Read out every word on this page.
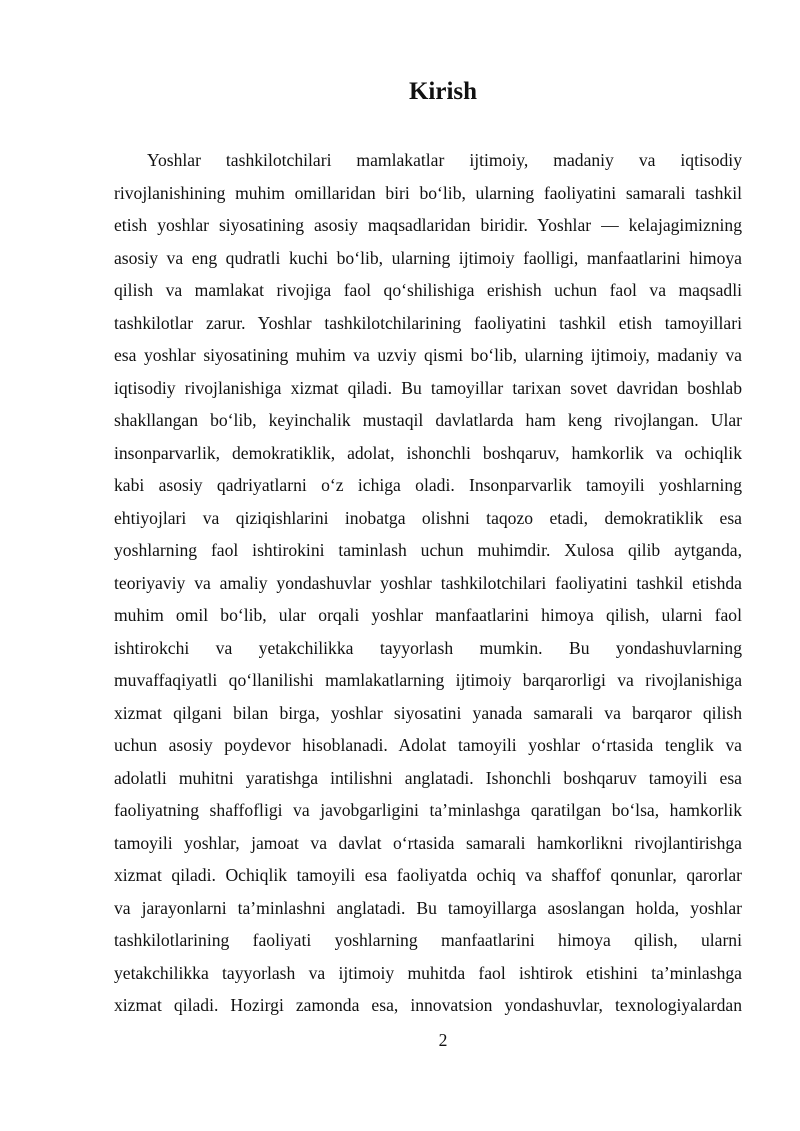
Kirish
Yoshlar tashkilotchilari mamlakatlar ijtimoiy, madaniy va iqtisodiy
rivojlanishining muhim omillaridan biri bo‘lib, ularning faoliyatini samarali tashkil
etish yoshlar siyosatining asosiy maqsadlaridan biridir. Yoshlar — kelajagimizning
asosiy va eng qudratli kuchi bo‘lib, ularning ijtimoiy faolligi, manfaatlarini himoya
qilish va mamlakat rivojiga faol qo‘shilishiga erishish uchun faol va maqsadli
tashkilotlar zarur. Yoshlar tashkilotchilarining faoliyatini tashkil etish tamoyillari
esa yoshlar siyosatining muhim va uzviy qismi bo‘lib, ularning ijtimoiy, madaniy va
iqtisodiy rivojlanishiga xizmat qiladi. Bu tamoyillar tarixan sovet davridan boshlab
shakllangan bo‘lib, keyinchalik mustaqil davlatlarda ham keng rivojlangan. Ular
insonparvarlik, demokratiklik, adolat, ishonchli boshqaruv, hamkorlik va ochiqlik
kabi asosiy qadriyatlarni o‘z ichiga oladi. Insonparvarlik tamoyili yoshlarning
ehtiyojlari va qiziqishlarini inobatga olishni taqozo etadi, demokratiklik esa
yoshlarning faol ishtirokini taminlash uchun muhimdir. Xulosa qilib aytganda,
teoriyaviy va amaliy yondashuvlar yoshlar tashkilotchilari faoliyatini tashkil etishda
muhim omil bo‘lib, ular orqali yoshlar manfaatlarini himoya qilish, ularni faol
ishtirokchi va yetakchilikka tayyorlash mumkin. Bu yondashuvlarning
muvaffaqiyatli qo‘llanilishi mamlakatlarning ijtimoiy barqarorligi va rivojlanishiga
xizmat qilgani bilan birga, yoshlar siyosatini yanada samarali va barqaror qilish
uchun asosiy poydevor hisoblanadi. Adolat tamoyili yoshlar o‘rtasida tenglik va
adolatli muhitni yaratishga intilishni anglatadi. Ishonchli boshqaruv tamoyili esa
faoliyatning shaffofligi va javobgarligini ta’minlashga qaratilgan bo‘lsa, hamkorlik
tamoyili yoshlar, jamoat va davlat o‘rtasida samarali hamkorlikni rivojlantirishga
xizmat qiladi. Ochiqlik tamoyili esa faoliyatda ochiq va shaffof qonunlar, qarorlar
va jarayonlarni ta’minlashni anglatadi. Bu tamoyillarga asoslangan holda, yoshlar
tashkilotlarining faoliyati yoshlarning manfaatlarini himoya qilish, ularni
yetakchilikka tayyorlash va ijtimoiy muhitda faol ishtirok etishini ta’minlashga
xizmat qiladi. Hozirgi zamonda esa, innovatsion yondashuvlar, texnologiyalardan
2
